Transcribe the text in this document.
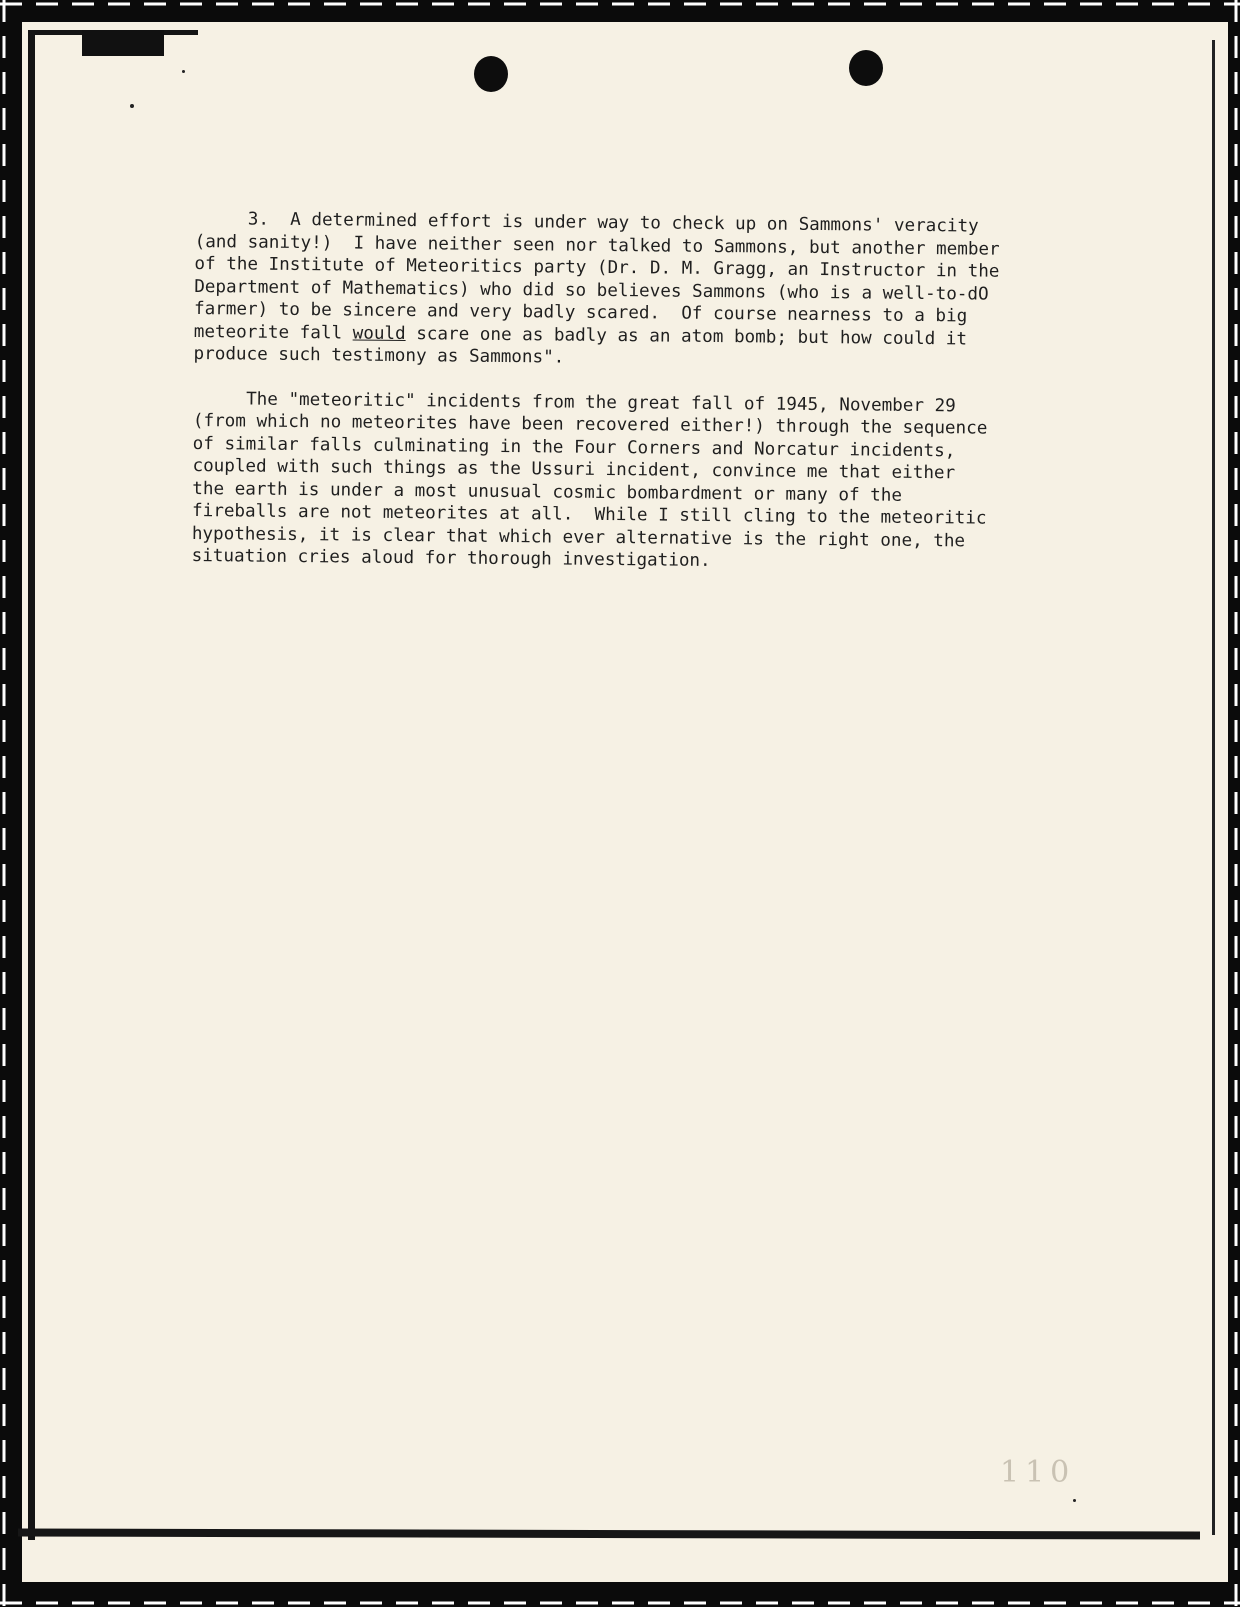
3.  A determined effort is under way to check up on Sammons' veracity
(and sanity!)  I have neither seen nor talked to Sammons, but another member
of the Institute of Meteoritics party (Dr. D. M. Gragg, an Instructor in the
Department of Mathematics) who did so believes Sammons (who is a well-to-dO
farmer) to be sincere and very badly scared.  Of course nearness to a big
meteorite fall would scare one as badly as an atom bomb; but how could it
produce such testimony as Sammons".
The "meteoritic" incidents from the great fall of 1945, November 29
(from which no meteorites have been recovered either!) through the sequence
of similar falls culminating in the Four Corners and Norcatur incidents,
coupled with such things as the Ussuri incident, convince me that either
the earth is under a most unusual cosmic bombardment or many of the
fireballs are not meteorites at all.  While I still cling to the meteoritic
hypothesis, it is clear that which ever alternative is the right one, the
situation cries aloud for thorough investigation.
110
